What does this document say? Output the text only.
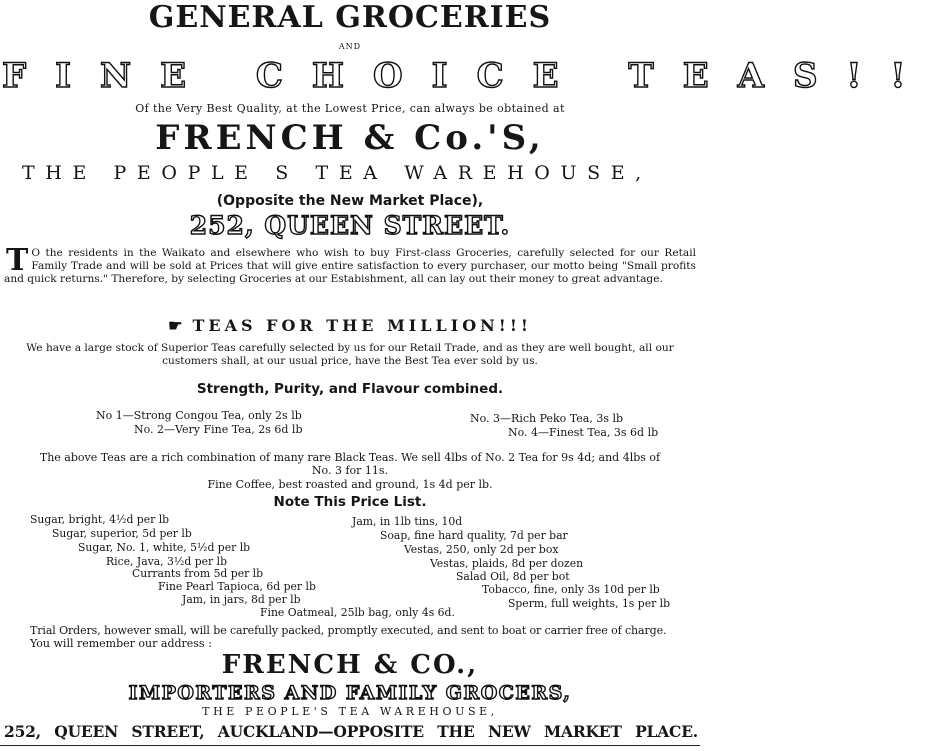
GENERAL GROCERIES
AND
FINE CHOICE TEAS!!
Of the Very Best Quality, at the Lowest Price, can always be obtained at
FRENCH & Co.'S,
THE PEOPLE S TEA WAREHOUSE,
(Opposite the New Market Place),
252, QUEEN STREET.
T O the residents in the Waikato and elsewhere who wish to buy First-class Groceries, carefully selected for our Retail Family Trade and will be sold at Prices that will give entire satisfaction to every purchaser, our motto being "Small profits and quick returns." Therefore, by selecting Groceries at our Estabishment, all can lay out their money to great advantage.
☛ TEAS FOR THE MILLION!!!
We have a large stock of Superior Teas carefully selected by us for our Retail Trade, and as they are well bought, all our customers shall, at our usual price, have the Best Tea ever sold by us.
Strength, Purity, and Flavour combined.
No 1—Strong Congou Tea, only 2s lb
No. 2—Very Fine Tea, 2s 6d lb
No. 3—Rich Peko Tea, 3s lb
No. 4—Finest Tea, 3s 6d lb
The above Teas are a rich combination of many rare Black Teas. We sell 4lbs of No. 2 Tea for 9s 4d; and 4lbs of No. 3 for 11s.
Fine Coffee, best roasted and ground, 1s 4d per lb.
Note This Price List.
Sugar, bright, 4½d per lb
Sugar, superior, 5d per lb
Sugar, No. 1, white, 5½d per lb
Rice, Java, 3½d per lb
Currants from 5d per lb
Fine Pearl Tapioca, 6d per lb
Jam, in jars, 8d per lb
Jam, in 1lb tins, 10d
Soap, fine hard quality, 7d per bar
Vestas, 250, only 2d per box
Vestas, plaids, 8d per dozen
Salad Oil, 8d per bot
Tobacco, fine, only 3s 10d per lb
Sperm, full weights, 1s per lb
Fine Oatmeal, 25lb bag, only 4s 6d.
Trial Orders, however small, will be carefully packed, promptly executed, and sent to boat or carrier free of charge.
You will remember our address :
FRENCH & CO.,
IMPORTERS AND FAMILY GROCERS,
THE PEOPLE'S TEA WAREHOUSE,
252, QUEEN STREET, AUCKLAND—OPPOSITE THE NEW MARKET PLACE.
